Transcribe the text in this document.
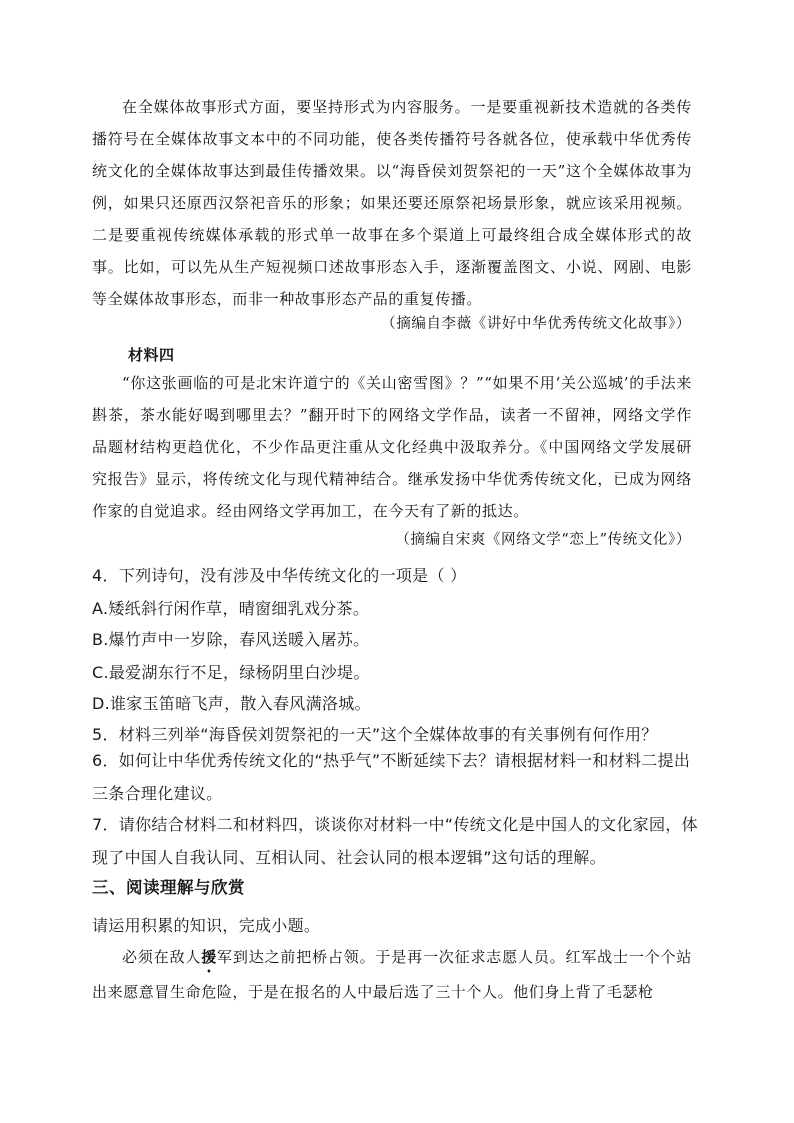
在全媒体故事形式方面，要坚持形式为内容服务。一是要重视新技术造就的各类传播符号在全媒体故事文本中的不同功能，使各类传播符号各就各位，使承载中华优秀传统文化的全媒体故事达到最佳传播效果。以“海昏侯刘贺祭祀的一天”这个全媒体故事为例，如果只还原西汉祭祀音乐的形象；如果还要还原祭祀场景形象，就应该采用视频。二是要重视传统媒体承载的形式单一故事在多个渠道上可最终组合成全媒体形式的故事。比如，可以先从生产短视频口述故事形态入手，逐渐覆盖图文、小说、网剧、电影等全媒体故事形态，而非一种故事形态产品的重复传播。

（摘编自李薇《讲好中华优秀传统文化故事》）

材料四

“你这张画临的可是北宋许道宁的《关山密雪图》？”“如果不用‘关公巡城’的手法来斟茶，茶水能好喝到哪里去？”翻开时下的网络文学作品，读者一不留神，网络文学作品题材结构更趋优化，不少作品更注重从文化经典中汲取养分。《中国网络文学发展研究报告》显示，将传统文化与现代精神结合。继承发扬中华优秀传统文化，已成为网络作家的自觉追求。经由网络文学再加工，在今天有了新的抵达。

（摘编自宋爽《网络文学“恋上”传统文化》）

4．下列诗句，没有涉及中华传统文化的一项是（ ）

A.矮纸斜行闲作草，晴窗细乳戏分茶。

B.爆竹声中一岁除，春风送暖入屠苏。

C.最爱湖东行不足，绿杨阴里白沙堤。

D.谁家玉笛暗飞声，散入春风满洛城。

5．材料三列举“海昏侯刘贺祭祀的一天”这个全媒体故事的有关事例有何作用？

6．如何让中华优秀传统文化的“热乎气”不断延续下去？请根据材料一和材料二提出三条合理化建议。

7．请你结合材料二和材料四，谈谈你对材料一中“传统文化是中国人的文化家园，体现了中国人自我认同、互相认同、社会认同的根本逻辑”这句话的理解。

三、阅读理解与欣赏

请运用积累的知识，完成小题。

必须在敌人援军到达之前把桥占领。于是再一次征求志愿人员。红军战士一个个站出来愿意冒生命危险，于是在报名的人中最后选了三十个人。他们身上背了毛瑟枪
